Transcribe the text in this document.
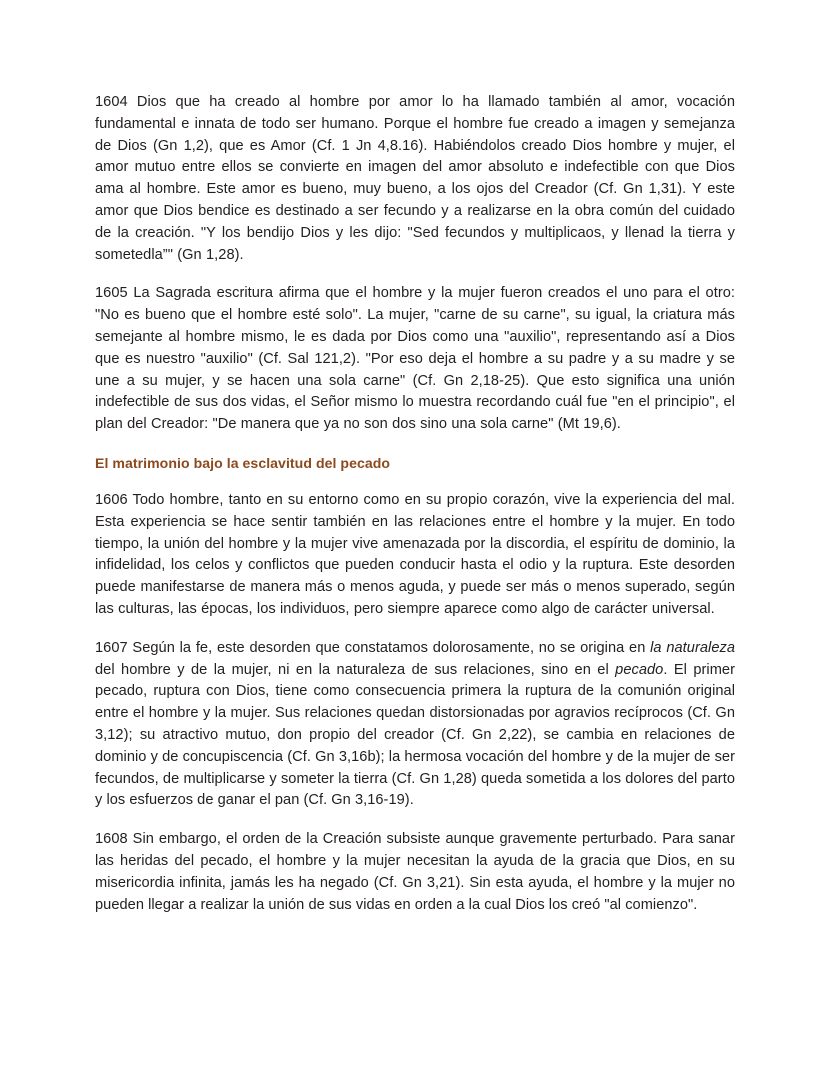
1604 Dios que ha creado al hombre por amor lo ha llamado también al amor, vocación fundamental e innata de todo ser humano. Porque el hombre fue creado a imagen y semejanza de Dios (Gn 1,2), que es Amor (Cf. 1 Jn 4,8.16). Habiéndolos creado Dios hombre y mujer, el amor mutuo entre ellos se convierte en imagen del amor absoluto e indefectible con que Dios ama al hombre. Este amor es bueno, muy bueno, a los ojos del Creador (Cf. Gn 1,31). Y este amor que Dios bendice es destinado a ser fecundo y a realizarse en la obra común del cuidado de la creación. "Y los bendijo Dios y les dijo: "Sed fecundos y multiplicaos, y llenad la tierra y sometedla”" (Gn 1,28).

1605 La Sagrada escritura afirma que el hombre y la mujer fueron creados el uno para el otro: "No es bueno que el hombre esté solo". La mujer, "carne de su carne", su igual, la criatura más semejante al hombre mismo, le es dada por Dios como una "auxilio", representando así a Dios que es nuestro "auxilio" (Cf. Sal 121,2). "Por eso deja el hombre a su padre y a su madre y se une a su mujer, y se hacen una sola carne" (Cf. Gn 2,18-25). Que esto significa una unión indefectible de sus dos vidas, el Señor mismo lo muestra recordando cuál fue "en el principio", el plan del Creador: "De manera que ya no son dos sino una sola carne" (Mt 19,6).

El matrimonio bajo la esclavitud del pecado

1606 Todo hombre, tanto en su entorno como en su propio corazón, vive la experiencia del mal. Esta experiencia se hace sentir también en las relaciones entre el hombre y la mujer. En todo tiempo, la unión del hombre y la mujer vive amenazada por la discordia, el espíritu de dominio, la infidelidad, los celos y conflictos que pueden conducir hasta el odio y la ruptura. Este desorden puede manifestarse de manera más o menos aguda, y puede ser más o menos superado, según las culturas, las épocas, los individuos, pero siempre aparece como algo de carácter universal.

1607 Según la fe, este desorden que constatamos dolorosamente, no se origina en la naturaleza del hombre y de la mujer, ni en la naturaleza de sus relaciones, sino en el pecado. El primer pecado, ruptura con Dios, tiene como consecuencia primera la ruptura de la comunión original entre el hombre y la mujer. Sus relaciones quedan distorsionadas por agravios recíprocos (Cf. Gn 3,12); su atractivo mutuo, don propio del creador (Cf. Gn 2,22), se cambia en relaciones de dominio y de concupiscencia (Cf. Gn 3,16b); la hermosa vocación del hombre y de la mujer de ser fecundos, de multiplicarse y someter la tierra (Cf. Gn 1,28) queda sometida a los dolores del parto y los esfuerzos de ganar el pan (Cf. Gn 3,16-19).

1608 Sin embargo, el orden de la Creación subsiste aunque gravemente perturbado. Para sanar las heridas del pecado, el hombre y la mujer necesitan la ayuda de la gracia que Dios, en su misericordia infinita, jamás les ha negado (Cf. Gn 3,21). Sin esta ayuda, el hombre y la mujer no pueden llegar a realizar la unión de sus vidas en orden a la cual Dios los creó "al comienzo".
